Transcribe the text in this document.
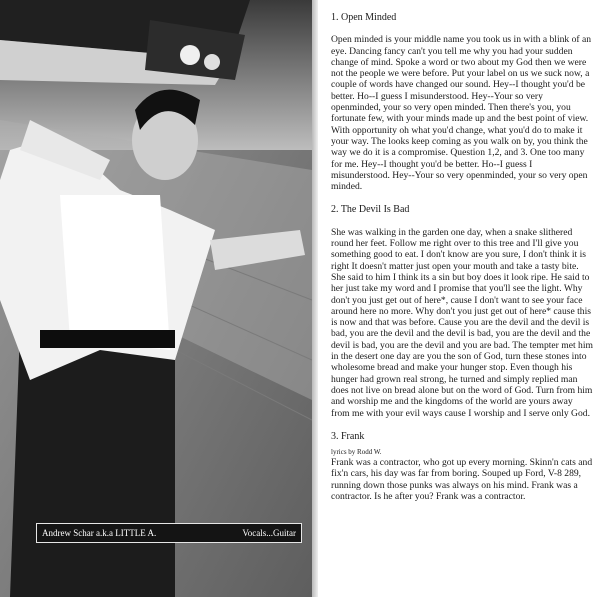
Andrew Schar a.k.a LITTLE A.	Vocals...Guitar

1. Open Minded

Open minded is your middle name you took us in with a blink of an eye. Dancing fancy can't you tell me why you had your sudden change of mind. Spoke a word or two about my God then we were not the people we were before. Put your label on us we suck now, a couple of words have changed our sound. Hey--I thought you'd be better. Ho--I guess I misunderstood. Hey--Your so very openminded, your so very open minded. Then there's you, you fortunate few, with your minds made up and the best point of view. With opportunity oh what you'd change, what you'd do to make it your way. The looks keep coming as you walk on by, you think the way we do it is a compromise. Question 1,2, and 3. One too many for me. Hey--I thought you'd be better. Ho--I guess I misunderstood. Hey--Your so very openminded, your so very open minded.

2. The Devil Is Bad

She was walking in the garden one day, when a snake slithered round her feet. Follow me right over to this tree and I'll give you something good to eat. I don't know are you sure, I don't think it is right It doesn't matter just open your mouth and take a tasty bite. She said to him I think its a sin but boy does it look ripe. He said to her just take my word and I promise that you'll see the light. Why don't you just get out of here*, cause I don't want to see your face around here no more. Why don't you just get out of here* cause this is now and that was before. Cause you are the devil and the devil is bad, you are the devil and the devil is bad, you are the devil and the devil is bad, you are the devil and you are bad. The tempter met him in the desert one day are you the son of God, turn these stones into wholesome bread and make your hunger stop. Even though his hunger had grown real strong, he turned and simply replied man does not live on bread alone but on the word of God. Turn from him and worship me and the kingdoms of the world are yours away from me with your evil ways cause I worship and I serve only God.

3. Frank

lyrics by Rodd W.

Frank was a contractor, who got up every morning. Skinn'n cats and fix'n cars, his day was far from boring. Souped up Ford, V-8 289, running down those punks was always on his mind. Frank was a contractor. Is he after you? Frank was a contractor.
